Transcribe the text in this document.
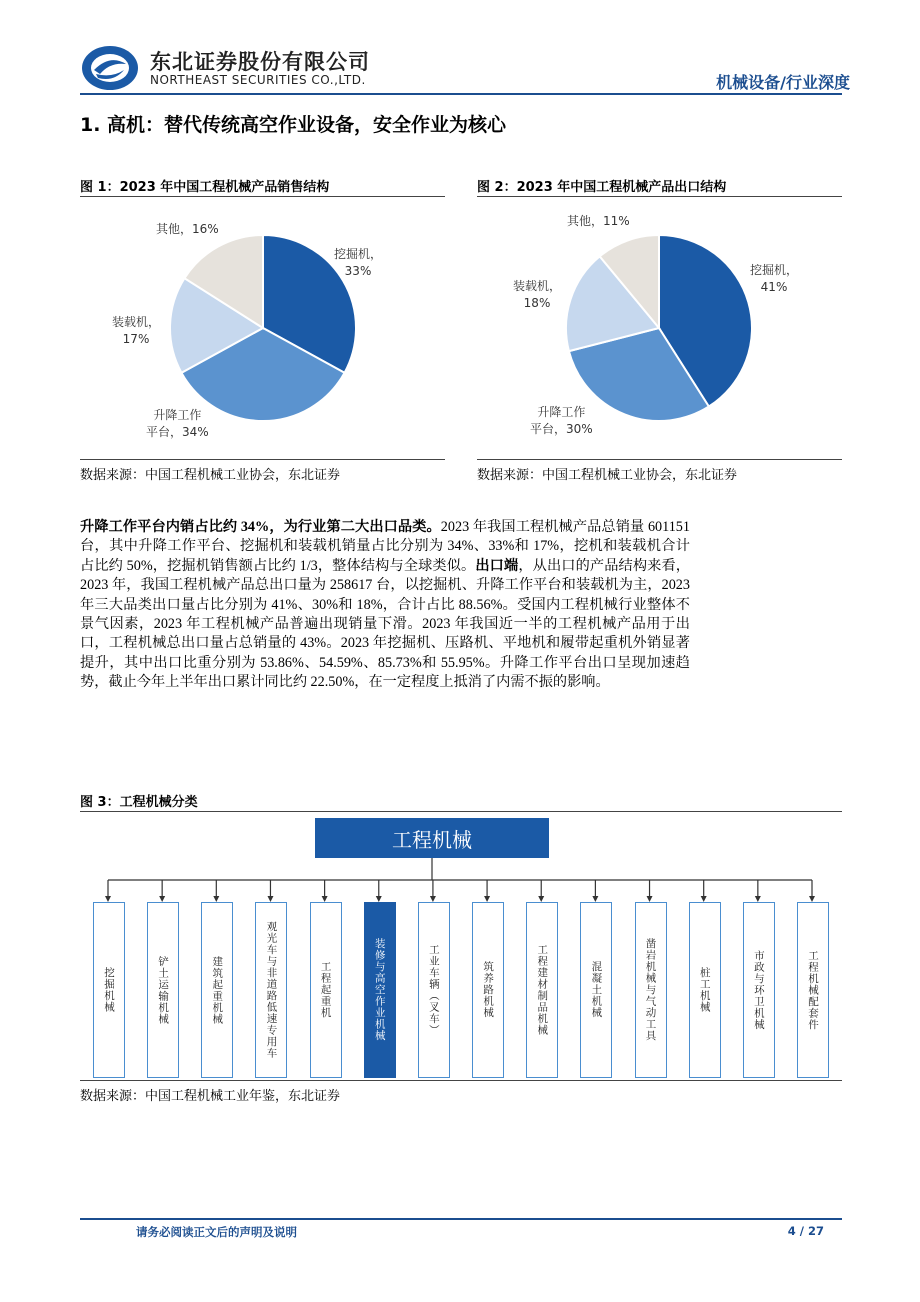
东北证券股份有限公司
NORTHEAST SECURITIES CO.,LTD.	机械设备/行业深度
1. 高机：替代传统高空作业设备，安全作业为核心
图 1：2023 年中国工程机械产品销售结构
挖掘机，
33%
升降工作
平台，34%
装载机，
17%
其他，16%
数据来源：中国工程机械工业协会，东北证券
图 2：2023 年中国工程机械产品出口结构
挖掘机，
41%
升降工作
平台，30%
装载机，
18%
其他，11%
数据来源：中国工程机械工业协会，东北证券
升降工作平台内销占比约 34%，为行业第二大出口品类。2023 年我国工程机械产品总销量 601151 台，其中升降工作平台、挖掘机和装载机销量占比分别为 34%、33%和 17%，挖机和装载机合计占比约 50%，挖掘机销售额占比约 1/3，整体结构与全球类似。出口端，从出口的产品结构来看，2023 年，我国工程机械产品总出口量为 258617 台，以挖掘机、升降工作平台和装载机为主，2023 年三大品类出口量占比分别为 41%、30%和 18%，合计占比 88.56%。受国内工程机械行业整体不景气因素，2023 年工程机械产品普遍出现销量下滑。2023 年我国近一半的工程机械产品用于出口，工程机械总出口量占总销量的 43%。2023 年挖掘机、压路机、平地机和履带起重机外销显著提升，其中出口比重分别为 53.86%、54.59%、85.73%和 55.95%。升降工作平台出口呈现加速趋势，截止今年上半年出口累计同比约 22.50%，在一定程度上抵消了内需不振的影响。
图 3：工程机械分类
工程机械
挖掘机械	铲土运输机械	建筑起重机械	观光车与非道路低速专用车	工程起重机	装修与高空作业机械	工业车辆（叉车）	筑养路机械	工程建材制品机械	混凝土机械	凿岩机械与气动工具	桩工机械	市政与环卫机械	工程机械配套件
数据来源：中国工程机械工业年鉴，东北证券
请务必阅读正文后的声明及说明	4 / 27
